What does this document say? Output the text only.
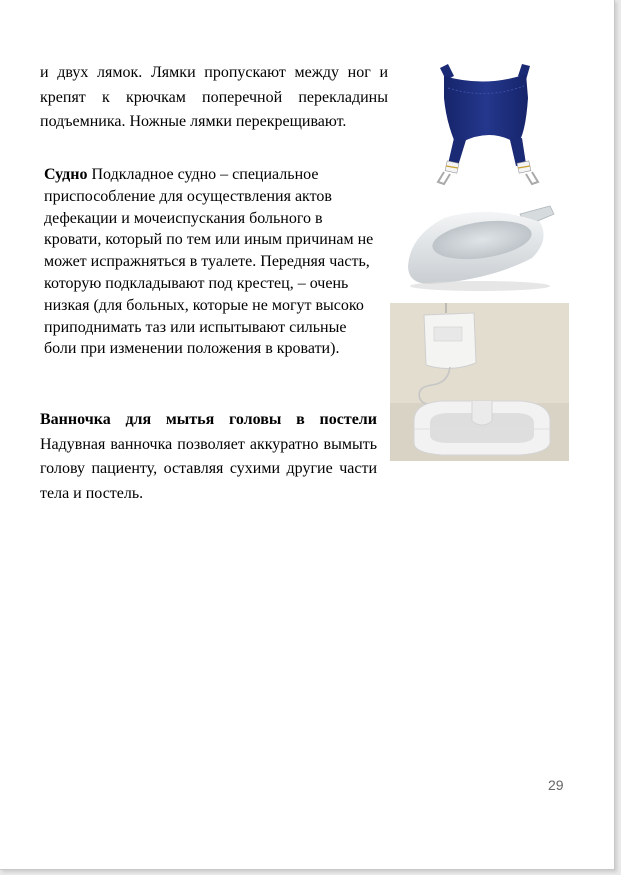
и двух лямок. Лямки пропускают между ног и крепят к крючкам поперечной перекладины подъемника. Ножные лямки перекрещивают.

Судно Подкладное судно – специальное приспособление для осуществления актов дефекации и мочеиспускания больного в кровати, который по тем или иным причинам не может испражняться в туалете. Передняя часть, которую подкладывают под крестец, – очень низкая (для больных, которые не могут высоко приподнимать таз или испытывают сильные боли при изменении положения в кровати).

Ванночка для мытья головы в постели Надувная ванночка позволяет аккуратно вымыть голову пациенту, оставляя сухими другие части тела и постель.

29
